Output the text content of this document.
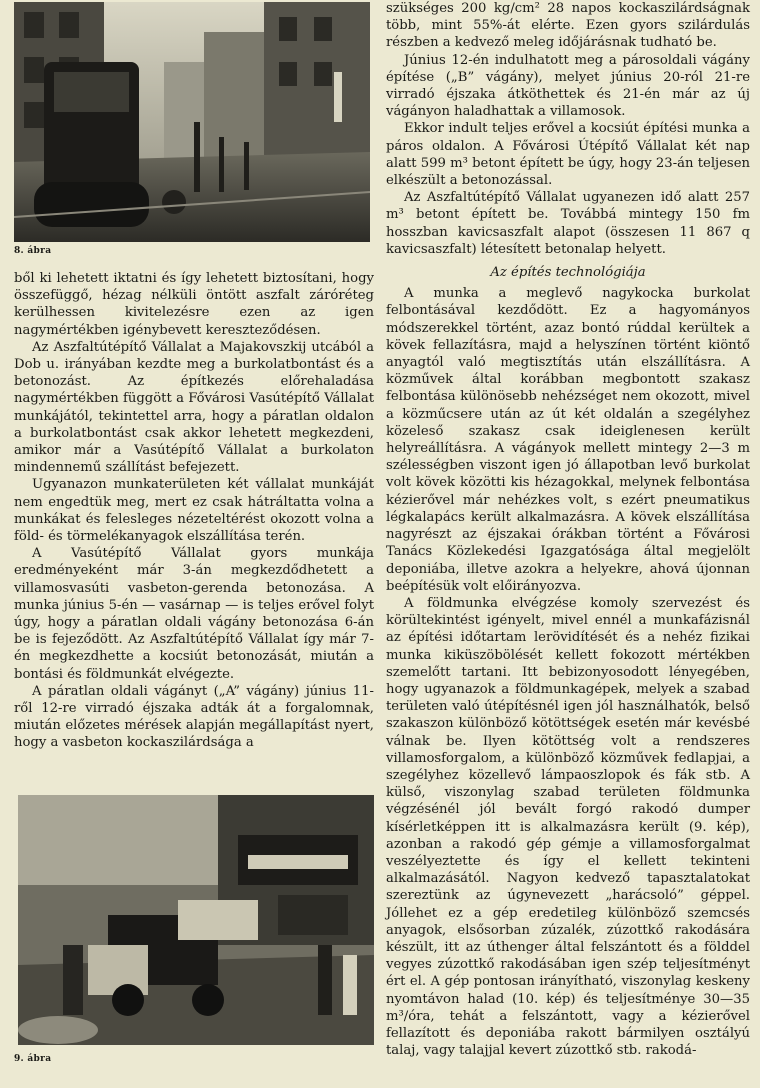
8. ábra

ből ki lehetett iktatni és így lehetett biztosítani, hogy összefüggő, hézag nélküli öntött aszfalt záróréteg kerülhessen kivitelezésre ezen az igen nagymértékben igénybevett kereszteződésen.

Az Aszfaltútépítő Vállalat a Majakovszkij utcából a Dob u. irányában kezdte meg a burkolatbontást és a betonozást. Az építkezés előrehaladása nagymértékben függött a Fővárosi Vasútépítő Vállalat munkájától, tekintettel arra, hogy a páratlan oldalon a burkolatbontást csak akkor lehetett megkezdeni, amikor már a Vasútépítő Vállalat a burkolaton mindennemű szállítást befejezett.

Ugyanazon munkaterületen két vállalat munkáját nem engedtük meg, mert ez csak hátráltatta volna a munkákat és felesleges nézeteltérést okozott volna a föld- és törmelékanyagok elszállítása terén.

A Vasútépítő Vállalat gyors munkája eredményeként már 3-án megkezdődhetett a villamosvasúti vasbeton-gerenda betonozása. A munka június 5-én — vasárnap — is teljes erővel folyt úgy, hogy a páratlan oldali vágány betonozása 6-án be is fejeződött. Az Aszfaltútépítő Vállalat így már 7-én megkezdhette a kocsiút betonozását, miután a bontási és földmunkát elvégezte.

A páratlan oldali vágányt („A” vágány) június 11-ről 12-re virradó éjszaka adták át a forgalomnak, miután előzetes mérések alapján megállapítást nyert, hogy a vasbeton kockaszilárdsága a

9. ábra

szükséges 200 kg/cm² 28 napos kockaszilárdságnak több, mint 55%-át elérte. Ezen gyors szilárdulás részben a kedvező meleg időjárásnak tudható be.

Június 12-én indulhatott meg a párosoldali vágány építése („B” vágány), melyet június 20-ról 21-re virradó éjszaka átköthettek és 21-én már az új vágányon haladhattak a villamosok.

Ekkor indult teljes erővel a kocsiút építési munka a páros oldalon. A Fővárosi Útépítő Vállalat két nap alatt 599 m³ betont épített be úgy, hogy 23-án teljesen elkészült a betonozással.

Az Aszfaltútépítő Vállalat ugyanezen idő alatt 257 m³ betont épített be. Továbbá mintegy 150 fm hosszban kavicsaszfalt alapot (összesen 11 867 q kavicsaszfalt) létesített betonalap helyett.

Az építés technológiája

A munka a meglevő nagykocka burkolat felbontásával kezdődött. Ez a hagyományos módszerekkel történt, azaz bontó rúddal kerültek a kövek fellazításra, majd a helyszínen történt kiöntő anyagtól való megtisztítás után elszállításra. A közművek által korábban megbontott szakasz felbontása különösebb nehézséget nem okozott, mivel a közműcsere után az út két oldalán a szegélyhez közeleső szakasz csak ideiglenesen került helyreállításra. A vágányok mellett mintegy 2—3 m szélességben viszont igen jó állapotban levő burkolat volt kövek közötti kis hézagokkal, melynek felbontása kézierővel már nehézkes volt, s ezért pneumatikus légkalapács került alkalmazásra. A kövek elszállítása nagyrészt az éjszakai órákban történt a Fővárosi Tanács Közlekedési Igazgatósága által megjelölt deponiába, illetve azokra a helyekre, ahová újonnan beépítésük volt előirányozva.

A földmunka elvégzése komoly szervezést és körültekintést igényelt, mivel ennél a munkafázisnál az építési időtartam lerövidítését és a nehéz fizikai munka kiküszöbölését kellett fokozott mértékben szemelőtt tartani. Itt bebizonyosodott lényegében, hogy ugyanazok a földmunkagépek, melyek a szabad területen való útépítésnél igen jól használhatók, belső szakaszon különböző kötöttségek esetén már kevésbé válnak be. Ilyen kötöttség volt a rendszeres villamosforgalom, a különböző közművek fedlapjai, a szegélyhez közellevő lámpaoszlopok és fák stb. A külső, viszonylag szabad területen földmunka végzésénél jól bevált forgó rakodó dumper kísérletképpen itt is alkalmazásra került (9. kép), azonban a rakodó gép gémje a villamosforgalmat veszélyeztette és így el kellett tekinteni alkalmazásától. Nagyon kedvező tapasztalatokat szereztünk az úgynevezett „harácsoló” géppel. Jóllehet ez a gép eredetileg különböző szemcsés anyagok, elsősorban zúzalék, zúzottkő rakodására készült, itt az úthenger által felszántott és a földdel vegyes zúzottkő rakodásában igen szép teljesítményt ért el. A gép pontosan irányítható, viszonylag keskeny nyomtávon halad (10. kép) és teljesítménye 30—35 m³/óra, tehát a felszántott, vagy a kézierővel fellazított és deponiába rakott bármilyen osztályú talaj, vagy talajjal kevert zúzottkő stb. rakodá-
